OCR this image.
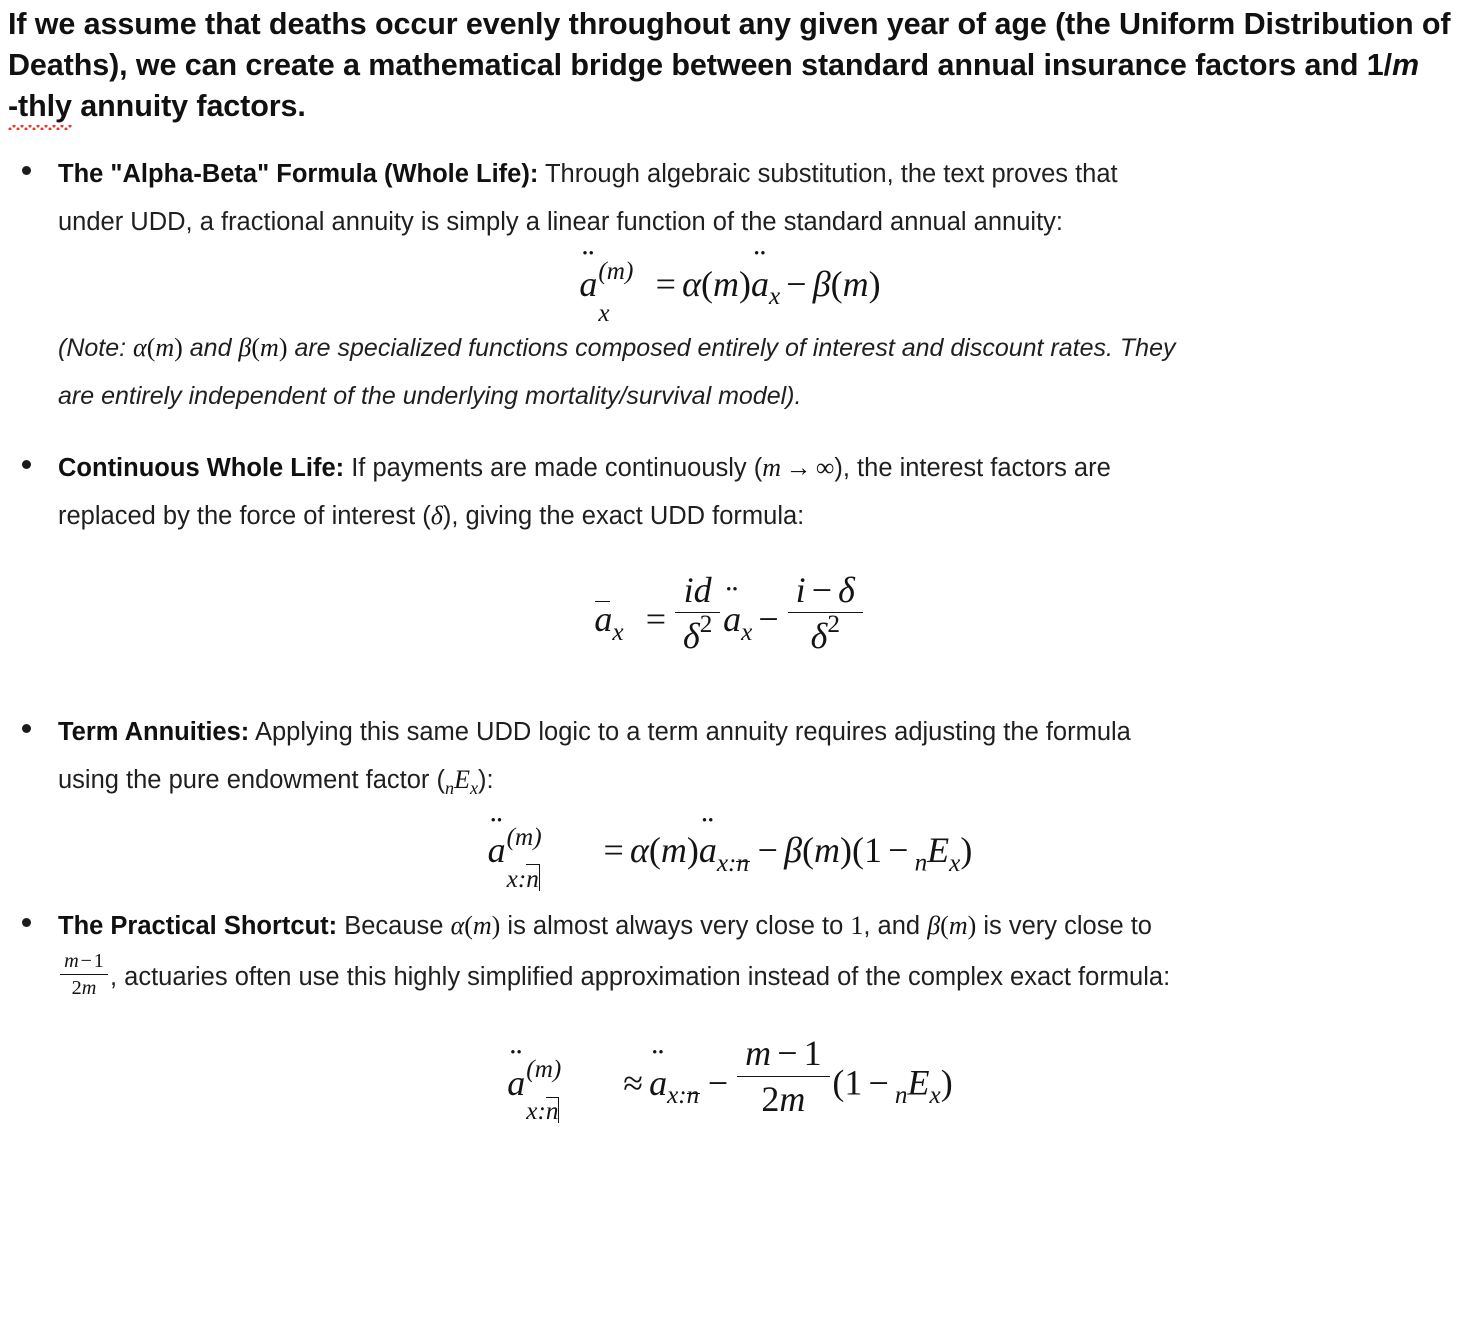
If we assume that deaths occur evenly throughout any given year of age (the Uniform Distribution of Deaths), we can create a mathematical bridge between standard annual insurance factors and 1/m-thly annuity factors.

The "Alpha-Beta" Formula (Whole Life): Through algebraic substitution, the text proves that under UDD, a fractional annuity is simply a linear function of the standard annual annuity:

¨ a (m)
x
= α(m)¨ $a_x - \beta(m)$

(Note: α(m) and β(m) are specialized functions composed entirely of interest and discount rates. They are entirely independent of the underlying mortality/survival model).

Continuous Whole Life: If payments are made continuously (m → ∞), the interest factors are replaced by the force of interest (δ), giving the exact UDD formula:

$a_x = \frac{id}{\delta^2}$ ¨ $a_x - \frac{i - \delta}{\delta^2}$

Term Annuities: Applying this same UDD logic to a term annuity requires adjusting the formula using the pure endowment factor $(_nE_x)$:

¨ a (m)
x:n
= α(m)¨ $a_{x:n} - \beta(m)(1 - _nE_x)$

The Practical Shortcut: Because α(m) is almost always very close to 1, and β(m) is very close to
$\frac{m-1}{2m}$ , actuaries often use this highly simplified approximation instead of the complex exact formula:

¨ a (m)
x:n
≈ ¨ $a_{x:n} - \frac{m - 1}{2m} (1 - _nE_x)$
